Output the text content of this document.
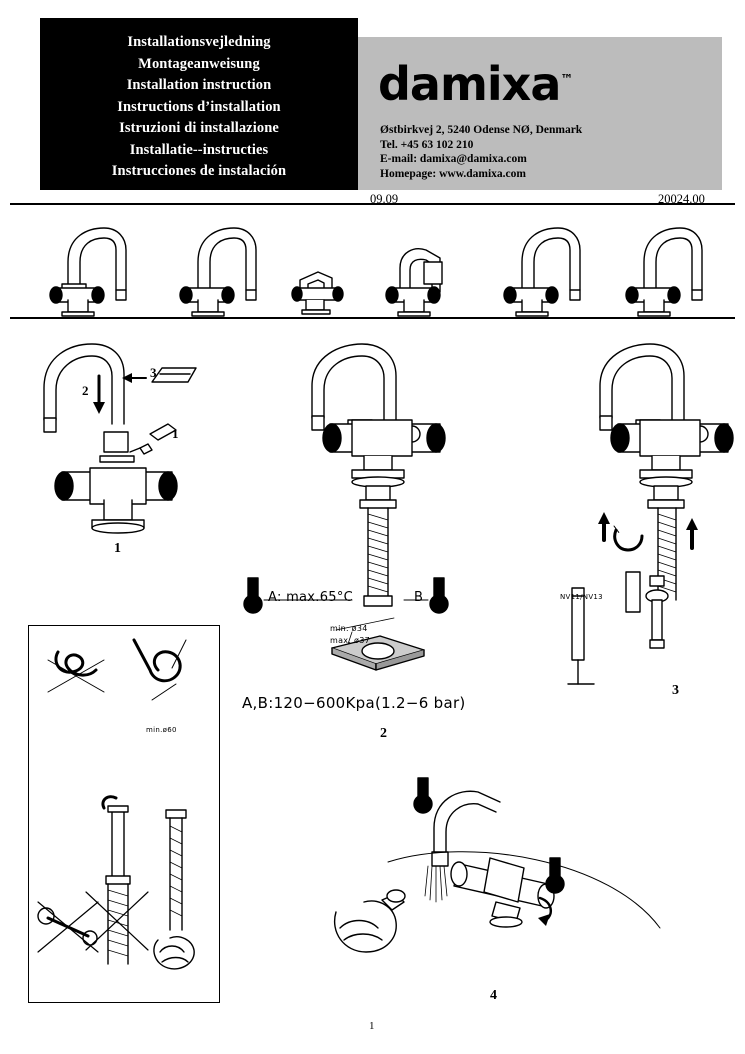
Installationsvejledning
Montageanweisung
Installation instruction
Instructions d’installation
Istruzioni di installazione
Installatie--instructies
Instrucciones de instalación
damixa™
Østbirkvej 2, 5240 Odense NØ, Denmark
Tel. +45 63 102 210
E-mail: damixa@damixa.com
Homepage: www.damixa.com
09.09	20024.00
1
2
3
4
2
3
1
A: max.65°C	B
min. ø34
max. ø37
A,B:120−600Kpa(1.2−6 bar)
NV11/NV13
min.ø60
1
